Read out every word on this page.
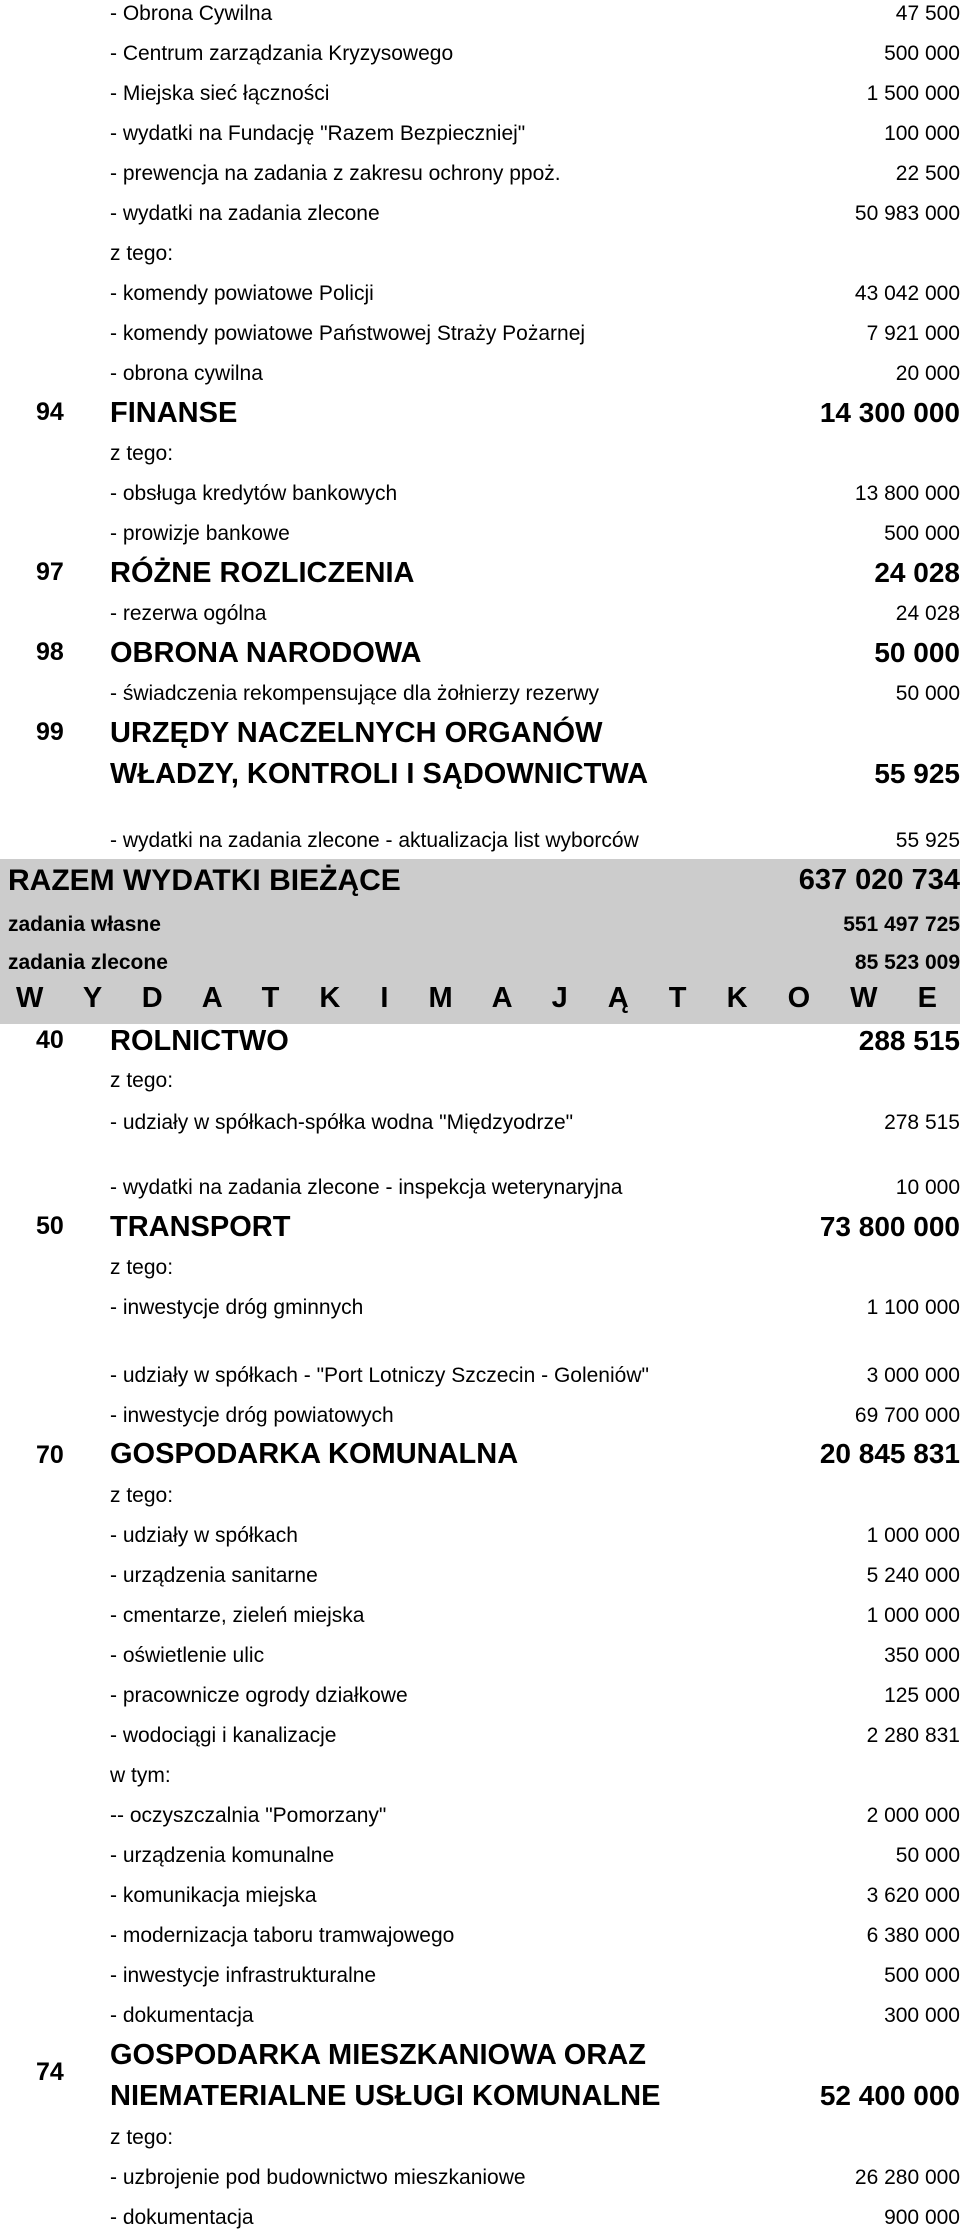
- Obrona Cywilna	47 500
- Centrum zarządzania Kryzysowego	500 000
- Miejska sieć łączności	1 500 000
- wydatki na Fundację "Razem Bezpieczniej"	100 000
- prewencja na zadania z zakresu ochrony ppoż.	22 500
- wydatki na zadania zlecone	50 983 000
z tego:
- komendy powiatowe Policji	43 042 000
- komendy powiatowe Państwowej Straży Pożarnej	7 921 000
- obrona cywilna	20 000
94 FINANSE	14 300 000
z tego:
- obsługa kredytów bankowych	13 800 000
- prowizje bankowe	500 000
97 RÓŻNE ROZLICZENIA	24 028
- rezerwa ogólna	24 028
98 OBRONA NARODOWA	50 000
- świadczenia rekompensujące dla żołnierzy rezerwy	50 000
99 URZĘDY NACZELNYCH ORGANÓW
WŁADZY, KONTROLI I SĄDOWNICTWA	55 925
- wydatki na zadania zlecone - aktualizacja list wyborców	55 925
RAZEM WYDATKI BIEŻĄCE	637 020 734
zadania własne	551 497 725
zadania zlecone	85 523 009
W Y D A T K I M A J Ą T K O W E
40 ROLNICTWO	288 515
z tego:
- udziały w spółkach-spółka wodna "Międzyodrze"	278 515
- wydatki na zadania zlecone - inspekcja weterynaryjna	10 000
50 TRANSPORT	73 800 000
z tego:
- inwestycje dróg gminnych	1 100 000
- udziały w spółkach - "Port Lotniczy Szczecin - Goleniów"	3 000 000
- inwestycje dróg powiatowych	69 700 000
70 GOSPODARKA KOMUNALNA	20 845 831
z tego:
- udziały w spółkach	1 000 000
- urządzenia sanitarne	5 240 000
- cmentarze, zieleń miejska	1 000 000
- oświetlenie ulic	350 000
- pracownicze ogrody działkowe	125 000
- wodociągi i kanalizacje	2 280 831
w tym:
-- oczyszczalnia "Pomorzany"	2 000 000
- urządzenia komunalne	50 000
- komunikacja miejska	3 620 000
- modernizacja taboru tramwajowego	6 380 000
- inwestycje infrastrukturalne	500 000
- dokumentacja	300 000
74
GOSPODARKA MIESZKANIOWA ORAZ
NIEMATERIALNE USŁUGI KOMUNALNE	52 400 000
z tego:
- uzbrojenie pod budownictwo mieszkaniowe	26 280 000
- dokumentacja	900 000
